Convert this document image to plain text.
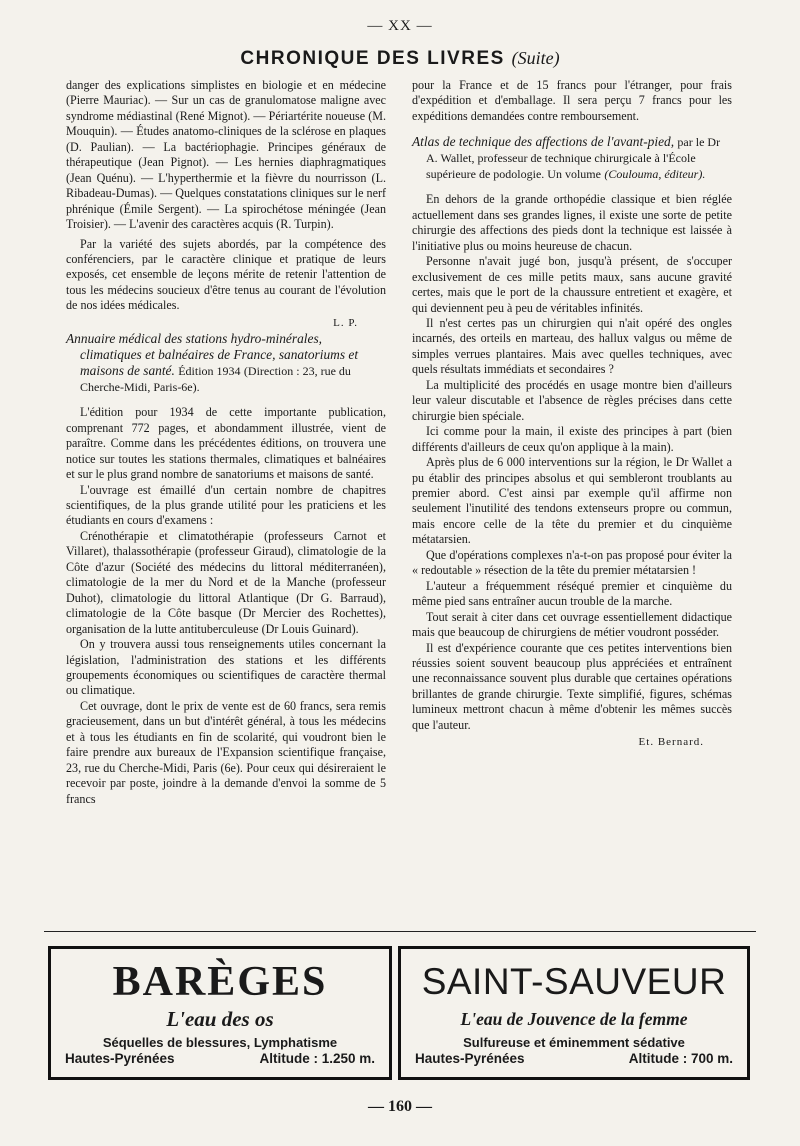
— XX —
CHRONIQUE DES LIVRES (Suite)

danger des explications simplistes en biologie et en médecine (Pierre Mauriac). — Sur un cas de granulomatose maligne avec syndrome médiastinal (René Mignot). — Périartérite noueuse (M. Mouquin). — Études anatomo-cliniques de la sclérose en plaques (D. Paulian). — La bactériophagie. Principes généraux de thérapeutique (Jean Pignot). — Les hernies diaphragmatiques (Jean Quénu). — L'hyperthermie et la fièvre du nourrisson (L. Ribadeau-Dumas). — Quelques constatations cliniques sur le nerf phrénique (Émile Sergent). — La spirochétose méningée (Jean Troisier). — L'avenir des caractères acquis (R. Turpin).

Par la variété des sujets abordés, par la compétence des conférenciers, par le caractère clinique et pratique de leurs exposés, cet ensemble de leçons mérite de retenir l'attention de tous les médecins soucieux d'être tenus au courant de l'évolution de nos idées médicales.

L. P.

Annuaire médical des stations hydro-minérales, climatiques et balnéaires de France, sanatoriums et maisons de santé. Édition 1934 (Direction : 23, rue du Cherche-Midi, Paris-6e).

L'édition pour 1934 de cette importante publication, comprenant 772 pages, et abondamment illustrée, vient de paraître. Comme dans les précédentes éditions, on trouvera une notice sur toutes les stations thermales, climatiques et balnéaires et sur le plus grand nombre de sanatoriums et maisons de santé.

L'ouvrage est émaillé d'un certain nombre de chapitres scientifiques, de la plus grande utilité pour les praticiens et les étudiants en cours d'examens :

Crénothérapie et climatothérapie (professeurs Carnot et Villaret), thalassothérapie (professeur Giraud), climatologie de la Côte d'azur (Société des médecins du littoral méditerranéen), climatologie de la mer du Nord et de la Manche (professeur Duhot), climatologie du littoral Atlantique (Dr G. Barraud), climatologie de la Côte basque (Dr Mercier des Rochettes), organisation de la lutte antituberculeuse (Dr Louis Guinard).

On y trouvera aussi tous renseignements utiles concernant la législation, l'administration des stations et les différents groupements économiques ou scientifiques de caractère thermal ou climatique.

Cet ouvrage, dont le prix de vente est de 60 francs, sera remis gracieusement, dans un but d'intérêt général, à tous les médecins et à tous les étudiants en fin de scolarité, qui voudront bien le faire prendre aux bureaux de l'Expansion scientifique française, 23, rue du Cherche-Midi, Paris (6e). Pour ceux qui désireraient le recevoir par poste, joindre à la demande d'envoi la somme de 5 francs

pour la France et de 15 francs pour l'étranger, pour frais d'expédition et d'emballage. Il sera perçu 7 francs pour les expéditions demandées contre remboursement.

Atlas de technique des affections de l'avant-pied, par le Dr A. Wallet, professeur de technique chirurgicale à l'École supérieure de podologie. Un volume (Coulouma, éditeur).

En dehors de la grande orthopédie classique et bien réglée actuellement dans ses grandes lignes, il existe une sorte de petite chirurgie des affections des pieds dont la technique est laissée à l'initiative plus ou moins heureuse de chacun.

Personne n'avait jugé bon, jusqu'à présent, de s'occuper exclusivement de ces mille petits maux, sans aucune gravité certes, mais que le port de la chaussure entretient et exagère, et qui deviennent peu à peu de véritables infinités.

Il n'est certes pas un chirurgien qui n'ait opéré des ongles incarnés, des orteils en marteau, des hallux valgus ou même de simples verrues plantaires. Mais avec quelles techniques, avec quels résultats immédiats et secondaires ?

La multiplicité des procédés en usage montre bien d'ailleurs leur valeur discutable et l'absence de règles précises dans cette chirurgie bien spéciale.

Ici comme pour la main, il existe des principes à part (bien différents d'ailleurs de ceux qu'on applique à la main).

Après plus de 6 000 interventions sur la région, le Dr Wallet a pu établir des principes absolus et qui sembleront troublants au premier abord. C'est ainsi par exemple qu'il affirme non seulement l'inutilité des tendons extenseurs propre ou commun, mais encore celle de la tête du premier et du cinquième métatarsien.

Que d'opérations complexes n'a-t-on pas proposé pour éviter la « redoutable » résection de la tête du premier métatarsien !

L'auteur a fréquemment réséqué premier et cinquième du même pied sans entraîner aucun trouble de la marche.

Tout serait à citer dans cet ouvrage essentiellement didactique mais que beaucoup de chirurgiens de métier voudront posséder.

Il est d'expérience courante que ces petites interventions bien réussies soient souvent beaucoup plus appréciées et entraînent une reconnaissance souvent plus durable que certaines opérations brillantes de grande chirurgie. Texte simplifié, figures, schémas lumineux mettront chacun à même d'obtenir les mêmes succès que l'auteur.

Et. Bernard.
BARÈGES
L'eau des os
Séquelles de blessures, Lymphatisme
Hautes-Pyrénées	Altitude : 1.250 m.
SAINT-SAUVEUR
L'eau de Jouvence de la femme
Sulfureuse et éminemment sédative
Hautes-Pyrénées	Altitude : 700 m.
— 160 —
